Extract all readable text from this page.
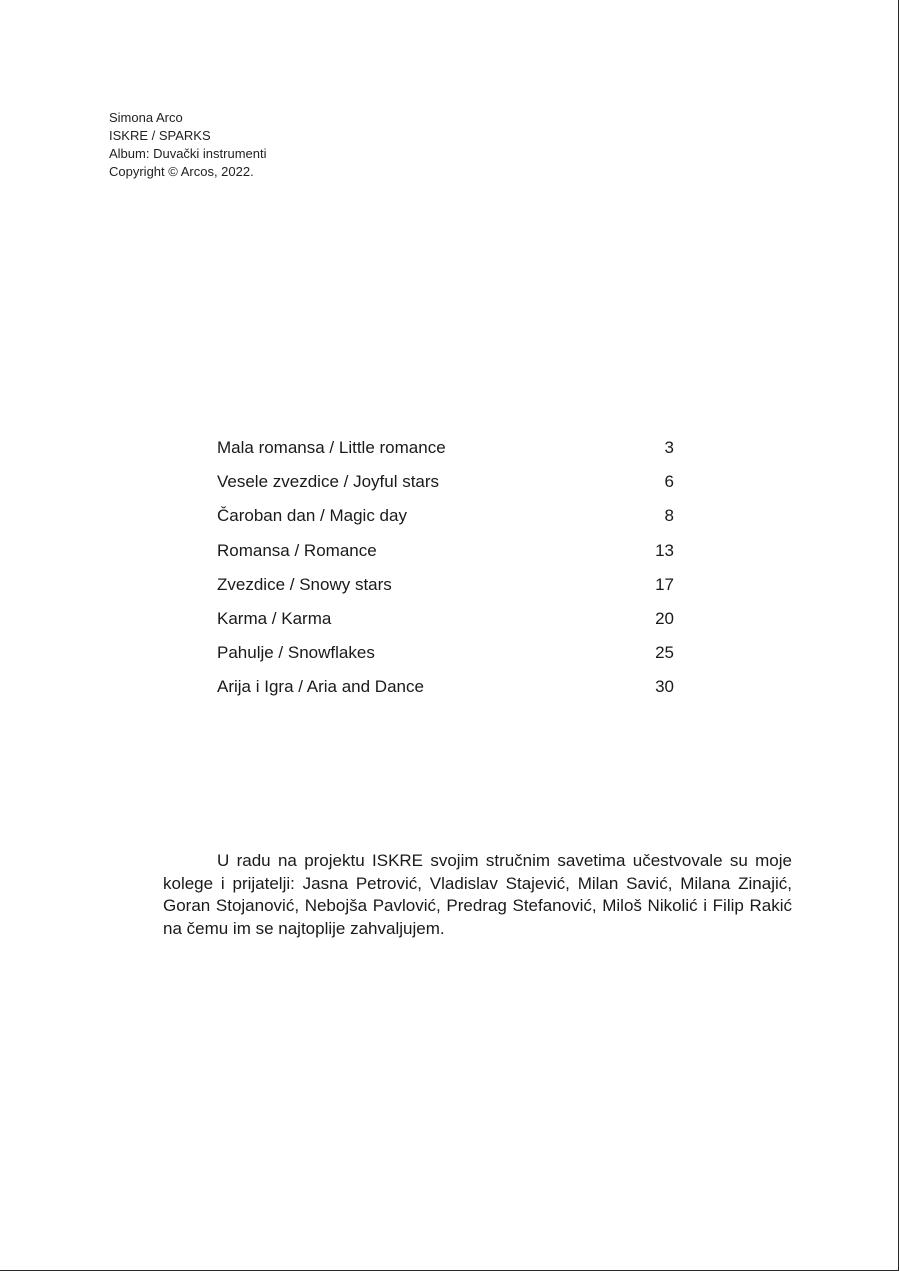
Simona Arco
ISKRE / SPARKS
Album: Duvački instrumenti
Copyright © Arcos, 2022.
Mala romansa / Little romance	3
Vesele zvezdice / Joyful stars	6
Čaroban dan / Magic day	8
Romansa / Romance	13
Zvezdice / Snowy stars	17
Karma / Karma	20
Pahulje / Snowflakes	25
Arija i Igra / Aria and Dance	30

U radu na projektu ISKRE svojim stručnim savetima učestvovale su moje kolege i prijatelji: Jasna Petrović, Vladislav Stajević, Milan Savić, Milana Zinajić, Goran Stojanović, Nebojša Pavlović, Predrag Stefanović, Miloš Nikolić i Filip Rakić na čemu im se najtoplije zahvaljujem.
